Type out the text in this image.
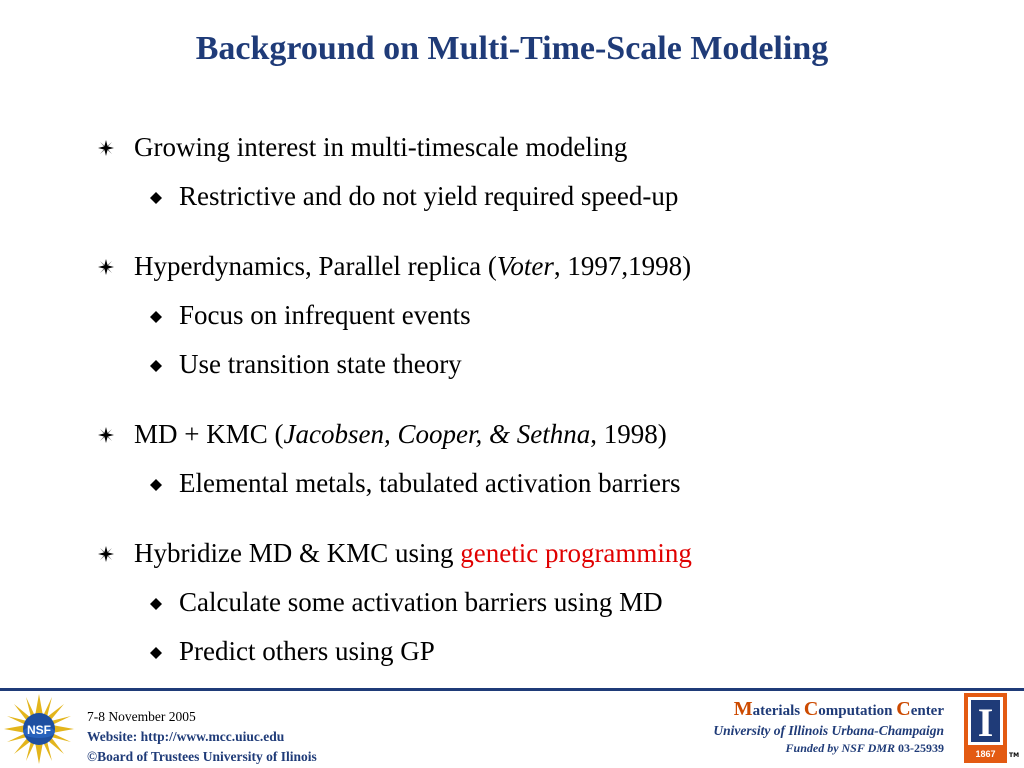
Background on Multi-Time-Scale Modeling
Growing interest in multi-timescale modeling
Restrictive and do not yield required speed-up
Hyperdynamics, Parallel replica (Voter, 1997,1998)
Focus on infrequent events
Use transition state theory
MD + KMC (Jacobsen, Cooper, & Sethna, 1998)
Elemental metals, tabulated activation barriers
Hybridize MD & KMC using genetic programming
Calculate some activation barriers using MD
Predict others using GP
NSF
7-8 November 2005
Website: http://www.mcc.uiuc.edu
©Board of Trustees University of Ilinois
Materials Computation Center
University of Illinois Urbana-Champaign
Funded by NSF DMR 03-25939
I
1867 TM
